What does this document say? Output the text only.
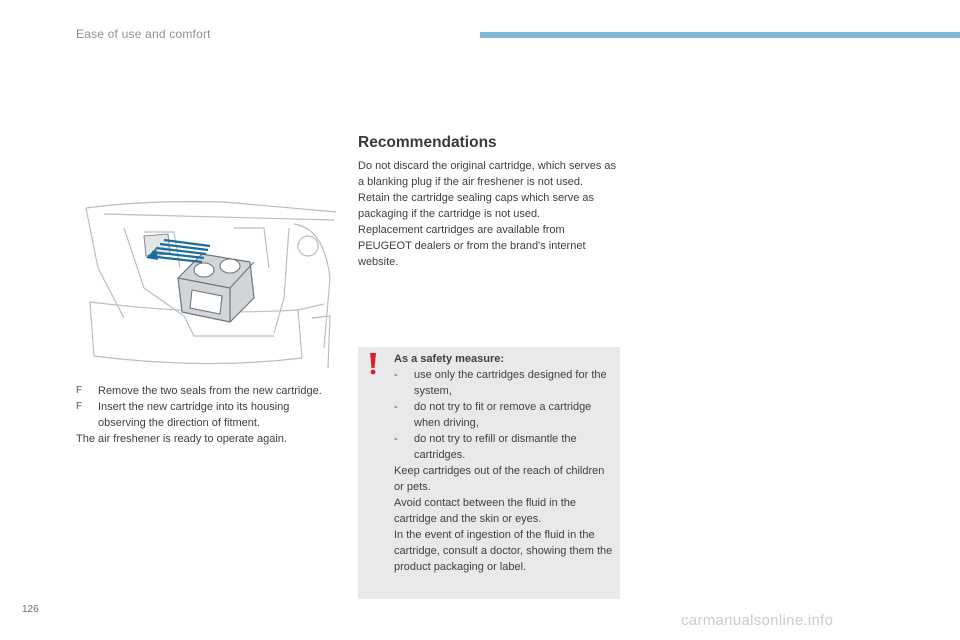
Ease of use and comfort
F Remove the two seals from the new cartridge.
F Insert the new cartridge into its housing observing the direction of fitment.
The air freshener is ready to operate again.
Recommendations

Do not discard the original cartridge, which serves as a blanking plug if the air freshener is not used.

Retain the cartridge sealing caps which serve as packaging if the cartridge is not used.

Replacement cartridges are available from PEUGEOT dealers or from the brand's internet website.

As a safety measure:
- use only the cartridges designed for the system,
- do not try to fit or remove a cartridge when driving,
- do not try to refill or dismantle the cartridges.

Keep cartridges out of the reach of children or pets.

Avoid contact between the fluid in the cartridge and the skin or eyes.

In the event of ingestion of the fluid in the cartridge, consult a doctor, showing them the product packaging or label.

126
carmanualsonline.info
